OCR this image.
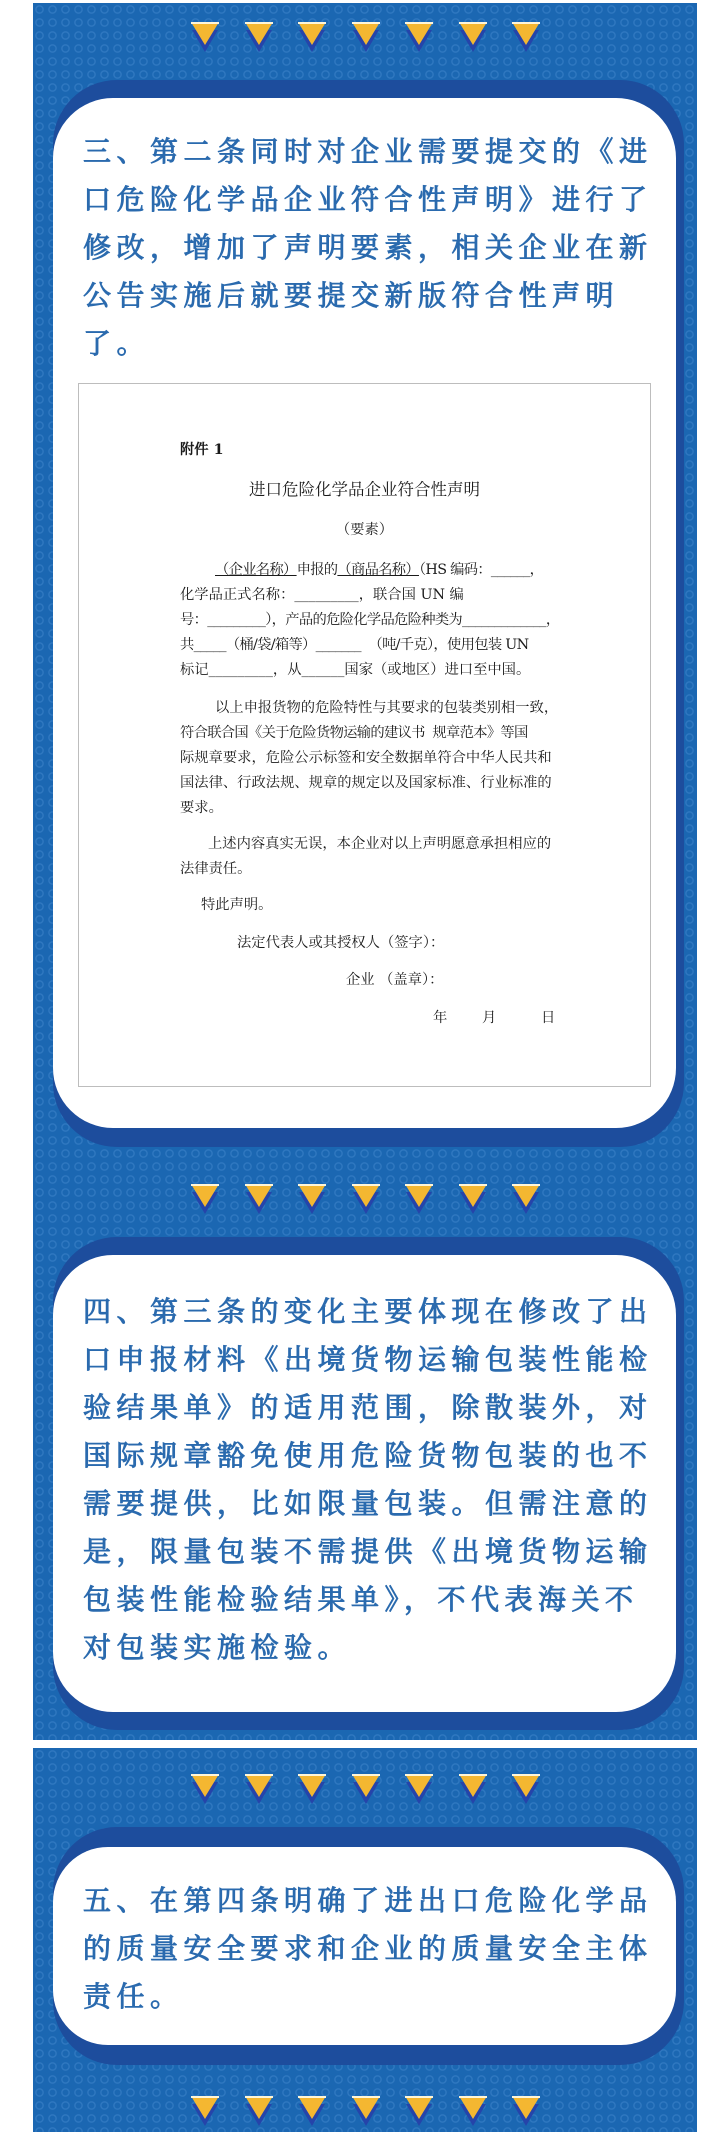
三、第二条同时对企业需要提交的《进
口危险化学品企业符合性声明》进行了
修改，增加了声明要素，相关企业在新
公告实施后就要提交新版符合性声明
了。
附件 1
进口危险化学品企业符合性声明
（要素）
（企业名称）申报的（商品名称）（HS 编码：______，
化学品正式名称：_________，联合国 UN 编
号：_________），产品的危险化学品危险种类为_____________，
共_____（桶/袋/箱等）_______  （吨/千克），使用包装 UN
标记_________，从______国家（或地区）进口至中国。
以上申报货物的危险特性与其要求的包装类别相一致，
符合联合国《关于危险货物运输的建议书  规章范本》等国
际规章要求，危险公示标签和安全数据单符合中华人民共和
国法律、行政法规、规章的规定以及国家标准、行业标准的
要求。
上述内容真实无误，本企业对以上声明愿意承担相应的
法律责任。
特此声明。
法定代表人或其授权人（签字）：
企业 （盖章）：
年 月	日
四、第三条的变化主要体现在修改了出
口申报材料《出境货物运输包装性能检
验结果单》的适用范围，除散装外，对
国际规章豁免使用危险货物包装的也不
需要提供，比如限量包装。但需注意的
是，限量包装不需提供《出境货物运输
包装性能检验结果单》，不代表海关不
对包装实施检验。
五、在第四条明确了进出口危险化学品
的质量安全要求和企业的质量安全主体
责任。
